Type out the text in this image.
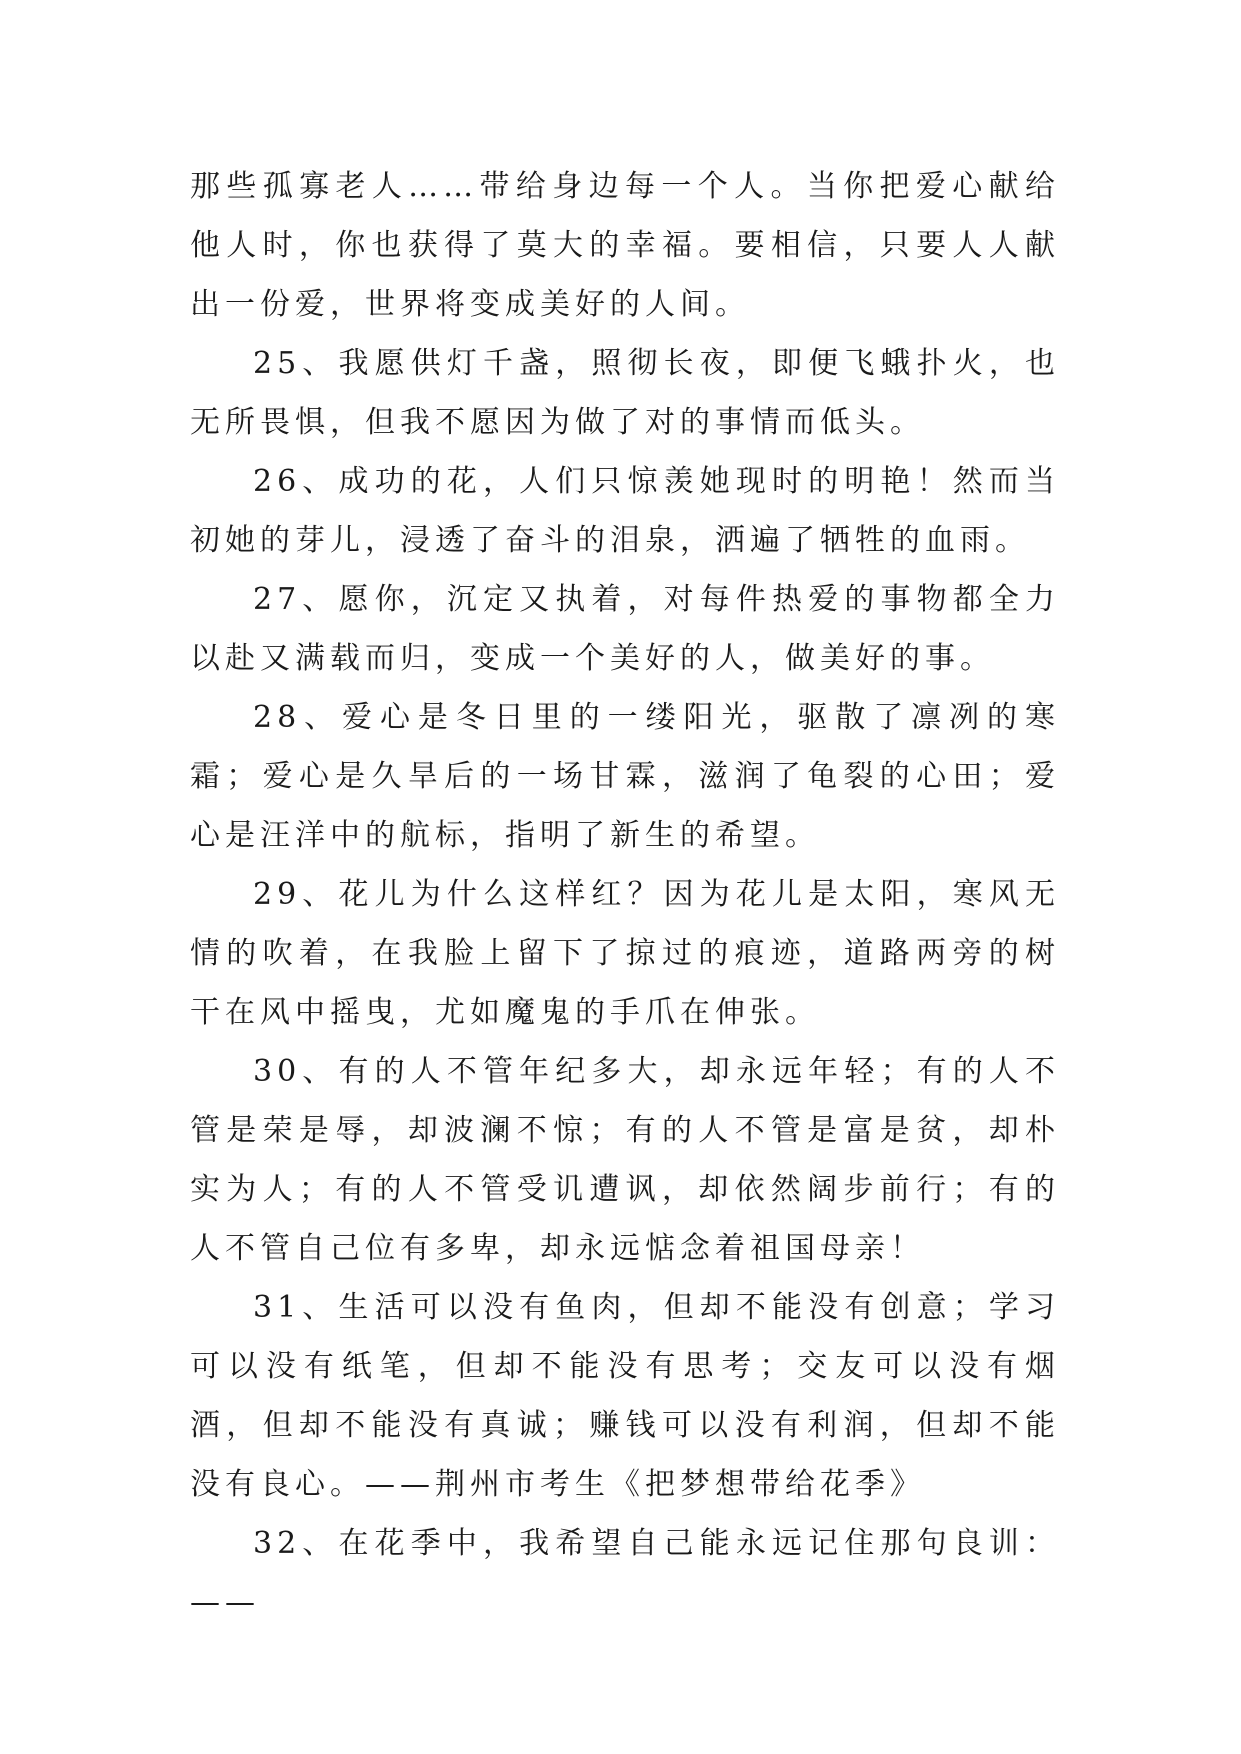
那些孤寡老人……带给身边每一个人。当你把爱心献给他人时，你也获得了莫大的幸福。要相信，只要人人献出一份爱，世界将变成美好的人间。

25、我愿供灯千盏，照彻长夜，即便飞蛾扑火，也无所畏惧，但我不愿因为做了对的事情而低头。

26、成功的花，人们只惊羡她现时的明艳！然而当初她的芽儿，浸透了奋斗的泪泉，洒遍了牺牲的血雨。

27、愿你，沉定又执着，对每件热爱的事物都全力以赴又满载而归，变成一个美好的人，做美好的事。

28、爱心是冬日里的一缕阳光，驱散了凛冽的寒霜；爱心是久旱后的一场甘霖，滋润了龟裂的心田；爱心是汪洋中的航标，指明了新生的希望。

29、花儿为什么这样红？因为花儿是太阳，寒风无情的吹着，在我脸上留下了掠过的痕迹，道路两旁的树干在风中摇曳，尤如魔鬼的手爪在伸张。

30、有的人不管年纪多大，却永远年轻；有的人不管是荣是辱，却波澜不惊；有的人不管是富是贫，却朴实为人；有的人不管受讥遭讽，却依然阔步前行；有的人不管自己位有多卑，却永远惦念着祖国母亲！

31、生活可以没有鱼肉，但却不能没有创意；学习可以没有纸笔，但却不能没有思考；交友可以没有烟酒，但却不能没有真诚；赚钱可以没有利润，但却不能没有良心。——荆州市考生《把梦想带给花季》

32、在花季中，我希望自己能永远记住那句良训：——
